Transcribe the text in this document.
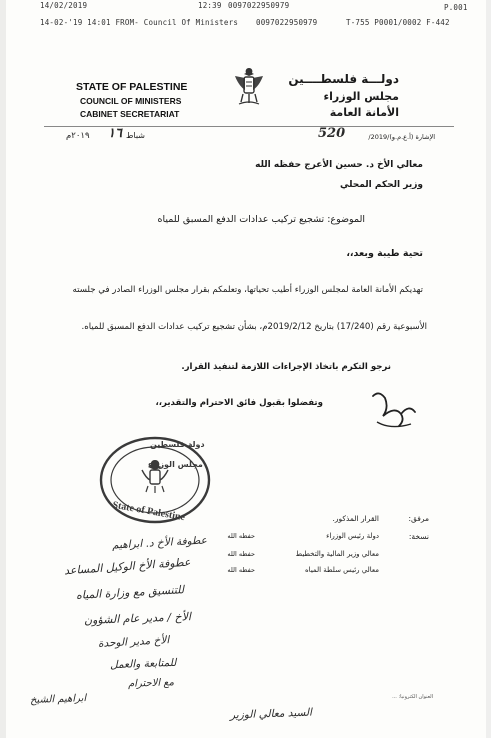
14/02/2019	12:39 0097022950979	P.001
14-02-'19 14:01 FROM- Council Of Ministers 0097022950979	T-755 P0001/0002 F-442
STATE OF PALESTINE
COUNCIL OF MINISTERS
CABINET SECRETARIAT
دولـــة فلسطــــين
مجلس الوزراء
الأمانة العامة
٢٠١٩م ١٦ شباط	520	الإشارة (أ.ع.م.و)/2019/
معالي الأخ د. حسين الأعرج حفظه الله
وزير الحكم المحلي
الموضوع: تشجيع تركيب عدادات الدفع المسبق للمياه
تحية طيبة وبعد،،
تهديكم الأمانة العامة لمجلس الوزراء أطيب تحياتها، وتعلمكم بقرار مجلس الوزراء الصادر في جلسته
الأسبوعية رقم (17/240) بتاريخ 2019/2/12م، بشأن تشجيع تركيب عدادات الدفع المسبق للمياه.
نرجو التكرم باتخاذ الإجراءات اللازمة لتنفيذ القرار.
وتفضلوا بقبول فائق الاحترام والتقدير،،
دولة فلسطين
مجلس الوزراء
State of Palestine	مرفق:
القرار المذكور.
نسخة:
دولة رئيس الوزراء
حفظه الله
معالي وزير المالية والتخطيط
حفظه الله
معالي رئيس سلطة المياه
حفظه الله
عطوفة الأخ د. ابراهيم
عطوفة الأخ الوكيل المساعد
للتنسيق مع وزارة المياه
الأخ / مدير عام الشؤون
الأخ مدير الوحدة
للمتابعة والعمل
مع الاحترام
ابراهيم الشيخ
السيد معالي الوزير
العنوان الكترونيا: ...
